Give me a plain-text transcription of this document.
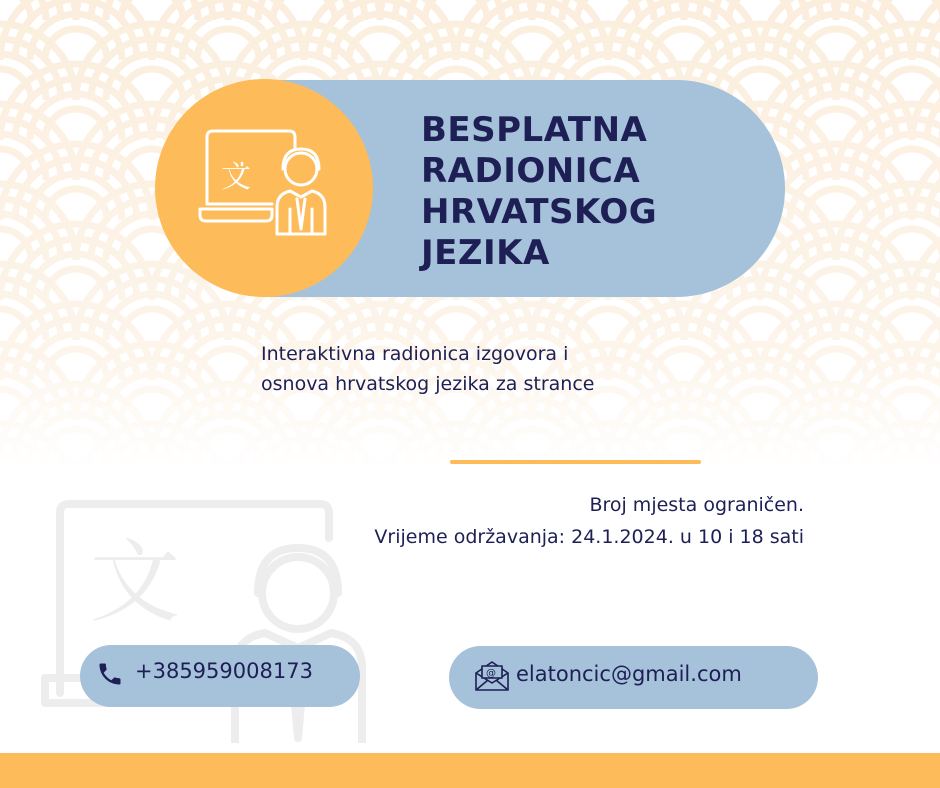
文
BESPLATNA
RADIONICA
HRVATSKOG
JEZIKA

Interaktivna radionica izgovora i
osnova hrvatskog jezika za strance

文
Broj mjesta ograničen.
Vrijeme održavanja: 24.1.2024. u 10 i 18 sati
+385959008173	@ elatoncic@gmail.com
